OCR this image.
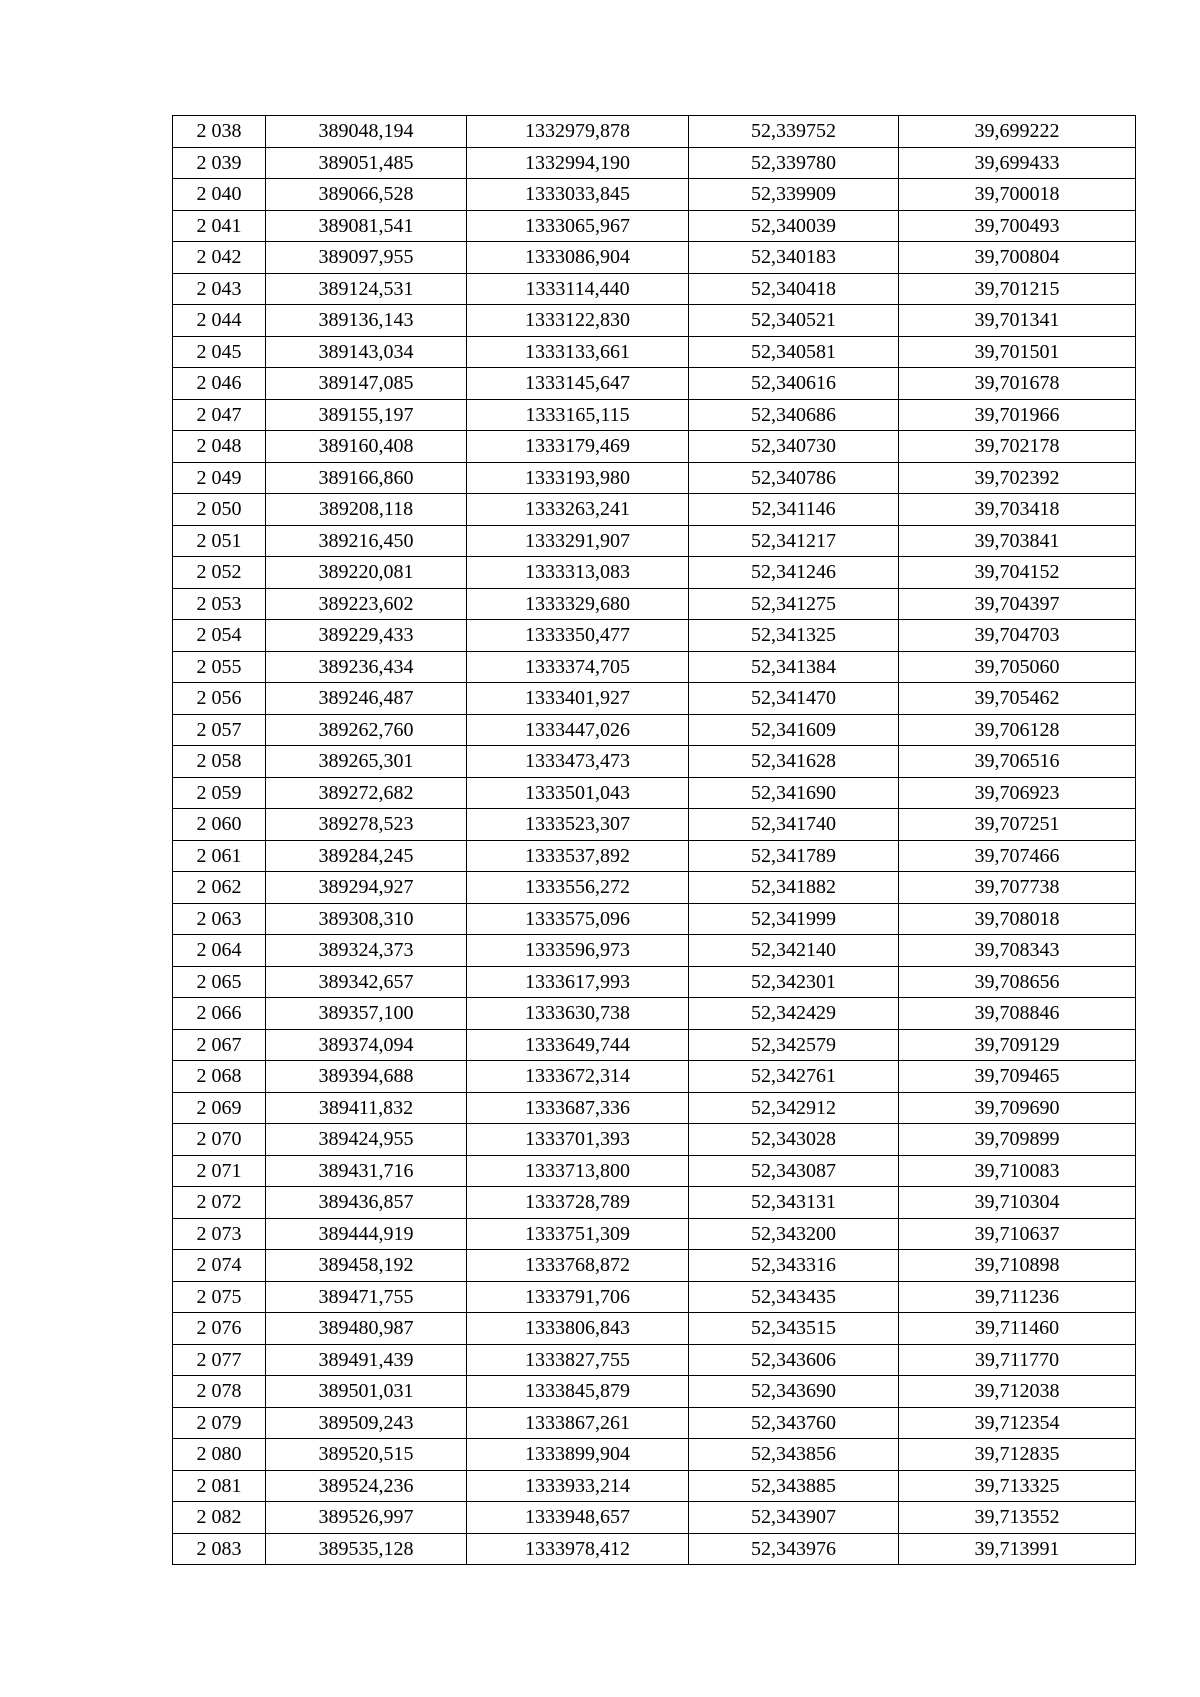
2 038	389048,194	1332979,878	52,339752	39,699222
2 039	389051,485	1332994,190	52,339780	39,699433
2 040	389066,528	1333033,845	52,339909	39,700018
2 041	389081,541	1333065,967	52,340039	39,700493
2 042	389097,955	1333086,904	52,340183	39,700804
2 043	389124,531	1333114,440	52,340418	39,701215
2 044	389136,143	1333122,830	52,340521	39,701341
2 045	389143,034	1333133,661	52,340581	39,701501
2 046	389147,085	1333145,647	52,340616	39,701678
2 047	389155,197	1333165,115	52,340686	39,701966
2 048	389160,408	1333179,469	52,340730	39,702178
2 049	389166,860	1333193,980	52,340786	39,702392
2 050	389208,118	1333263,241	52,341146	39,703418
2 051	389216,450	1333291,907	52,341217	39,703841
2 052	389220,081	1333313,083	52,341246	39,704152
2 053	389223,602	1333329,680	52,341275	39,704397
2 054	389229,433	1333350,477	52,341325	39,704703
2 055	389236,434	1333374,705	52,341384	39,705060
2 056	389246,487	1333401,927	52,341470	39,705462
2 057	389262,760	1333447,026	52,341609	39,706128
2 058	389265,301	1333473,473	52,341628	39,706516
2 059	389272,682	1333501,043	52,341690	39,706923
2 060	389278,523	1333523,307	52,341740	39,707251
2 061	389284,245	1333537,892	52,341789	39,707466
2 062	389294,927	1333556,272	52,341882	39,707738
2 063	389308,310	1333575,096	52,341999	39,708018
2 064	389324,373	1333596,973	52,342140	39,708343
2 065	389342,657	1333617,993	52,342301	39,708656
2 066	389357,100	1333630,738	52,342429	39,708846
2 067	389374,094	1333649,744	52,342579	39,709129
2 068	389394,688	1333672,314	52,342761	39,709465
2 069	389411,832	1333687,336	52,342912	39,709690
2 070	389424,955	1333701,393	52,343028	39,709899
2 071	389431,716	1333713,800	52,343087	39,710083
2 072	389436,857	1333728,789	52,343131	39,710304
2 073	389444,919	1333751,309	52,343200	39,710637
2 074	389458,192	1333768,872	52,343316	39,710898
2 075	389471,755	1333791,706	52,343435	39,711236
2 076	389480,987	1333806,843	52,343515	39,711460
2 077	389491,439	1333827,755	52,343606	39,711770
2 078	389501,031	1333845,879	52,343690	39,712038
2 079	389509,243	1333867,261	52,343760	39,712354
2 080	389520,515	1333899,904	52,343856	39,712835
2 081	389524,236	1333933,214	52,343885	39,713325
2 082	389526,997	1333948,657	52,343907	39,713552
2 083	389535,128	1333978,412	52,343976	39,713991
